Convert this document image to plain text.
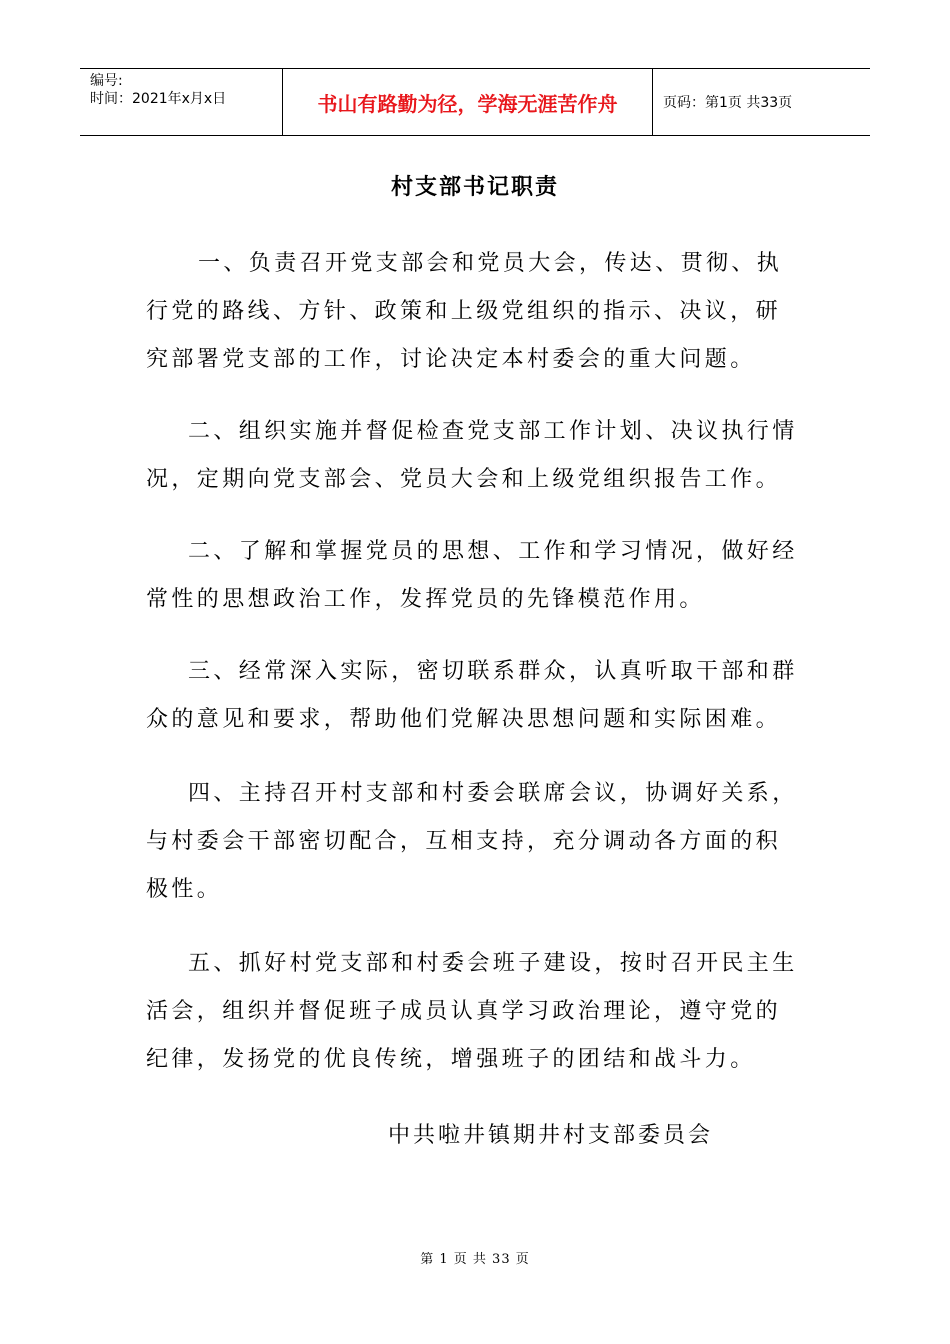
编号:
时间：2021年x月x日	书山有路勤为径，学海无涯苦作舟	页码：第1页 共33页
村支部书记职责

一、负责召开党支部会和党员大会，传达、贯彻、执行党的路线、方针、政策和上级党组织的指示、决议，研究部署党支部的工作，讨论决定本村委会的重大问题。

二、组织实施并督促检查党支部工作计划、决议执行情况，定期向党支部会、党员大会和上级党组织报告工作。

二、了解和掌握党员的思想、工作和学习情况，做好经常性的思想政治工作，发挥党员的先锋模范作用。

三、经常深入实际，密切联系群众，认真听取干部和群众的意见和要求，帮助他们党解决思想问题和实际困难。

四、主持召开村支部和村委会联席会议，协调好关系，与村委会干部密切配合，互相支持，充分调动各方面的积极性。

五、抓好村党支部和村委会班子建设，按时召开民主生活会，组织并督促班子成员认真学习政治理论，遵守党的纪律，发扬党的优良传统，增强班子的团结和战斗力。

中共啦井镇期井村支部委员会
第 1 页 共 33 页
